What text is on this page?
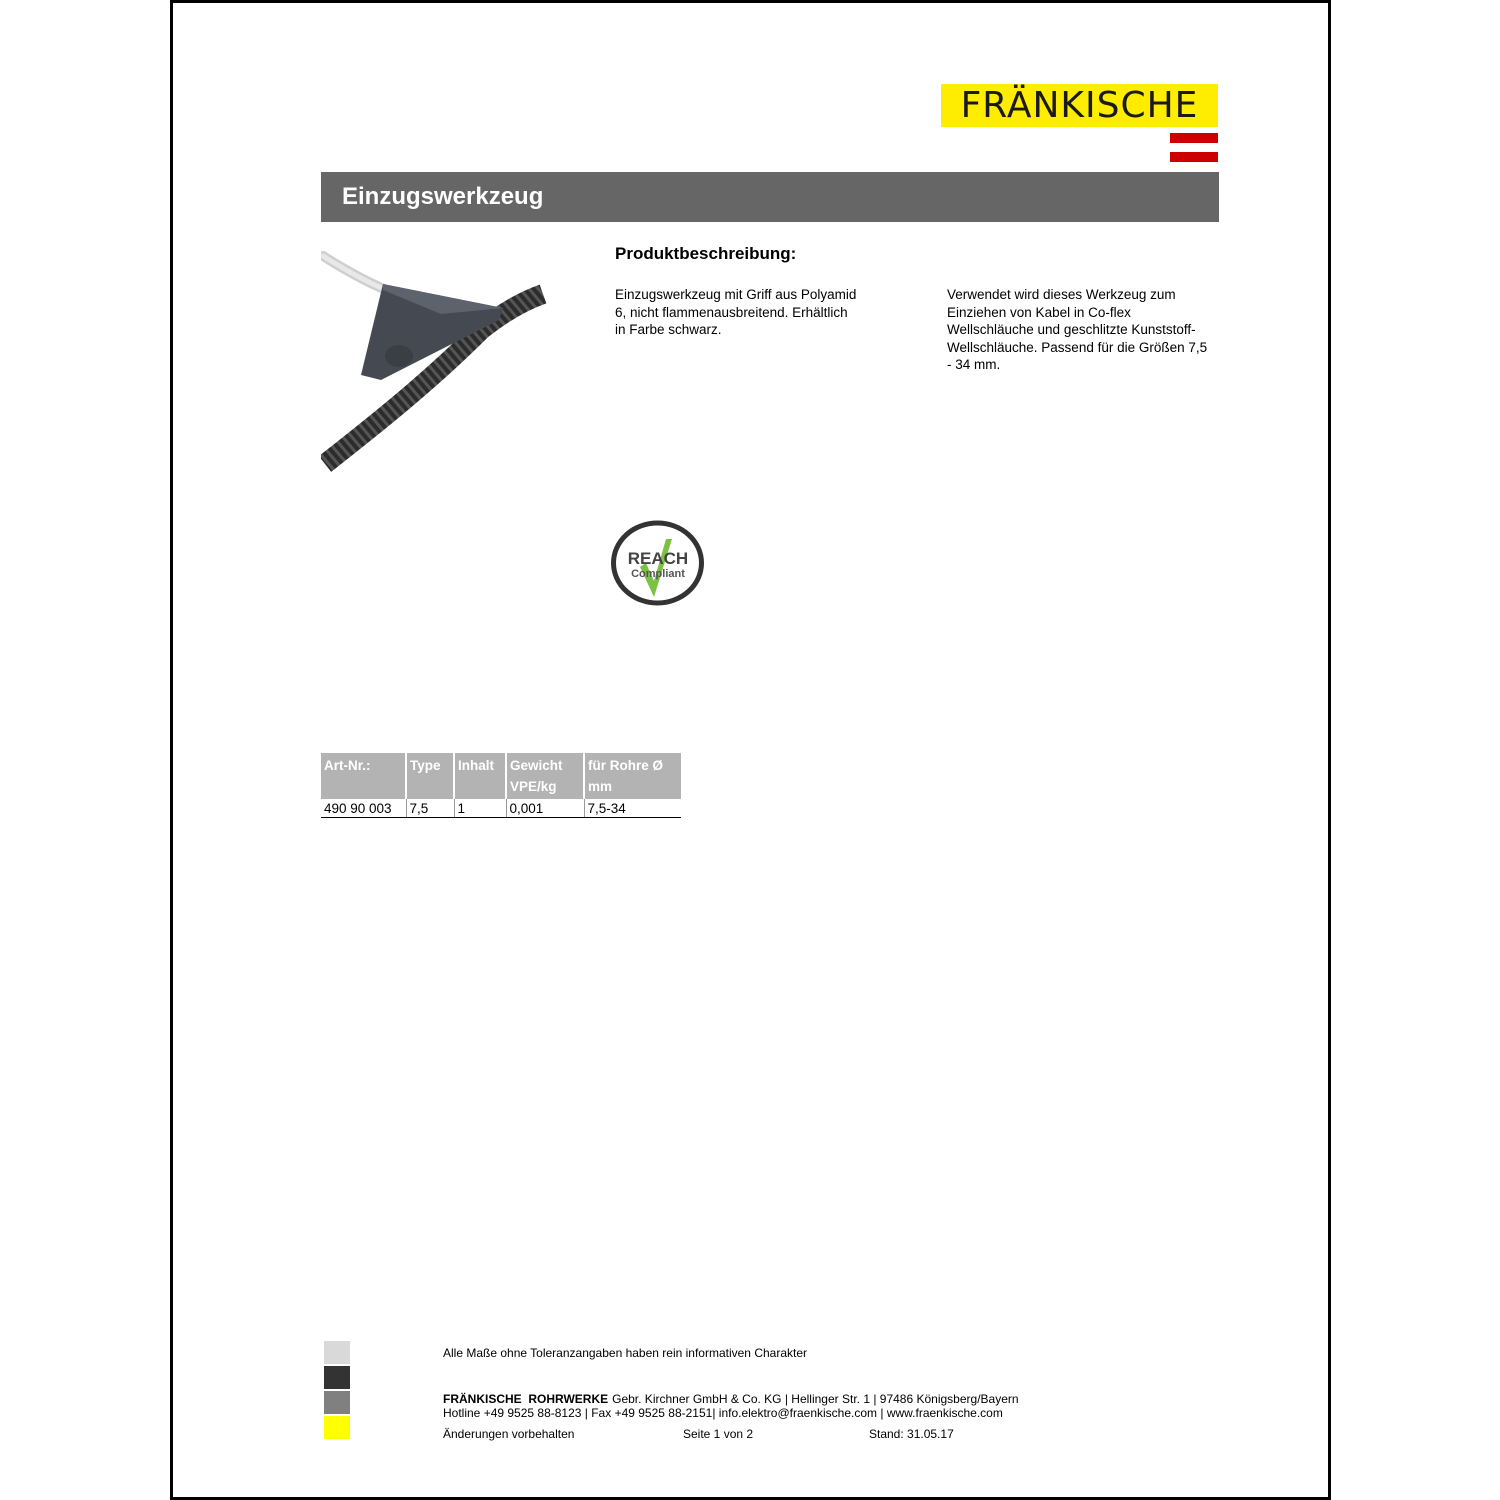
FRÄNKISCHE
Einzugswerkzeug
Produktbeschreibung:
Einzugswerkzeug mit Griff aus Polyamid
6, nicht flammenausbreitend. Erhältlich
in Farbe schwarz.
Verwendet wird dieses Werkzeug zum
Einziehen von Kabel in Co-flex
Wellschläuche und geschlitzte Kunststoff-
Wellschläuche. Passend für die Größen 7,5
- 34 mm.
REACH
Compliant
Art-Nr.:	Type	Inhalt	Gewicht VPE/kg	für Rohre Ø mm
490 90 003	7,5	1	0,001	7,5-34
Alle Maße ohne Toleranzangaben haben rein informativen Charakter
FRÄNKISCHE  ROHRWERKE Gebr. Kirchner GmbH & Co. KG | Hellinger Str. 1 | 97486 Königsberg/Bayern
Hotline +49 9525 88-8123 | Fax +49 9525 88-2151| info.elektro@fraenkische.com | www.fraenkische.com
Änderungen vorbehalten	Seite 1 von 2	Stand: 31.05.17
